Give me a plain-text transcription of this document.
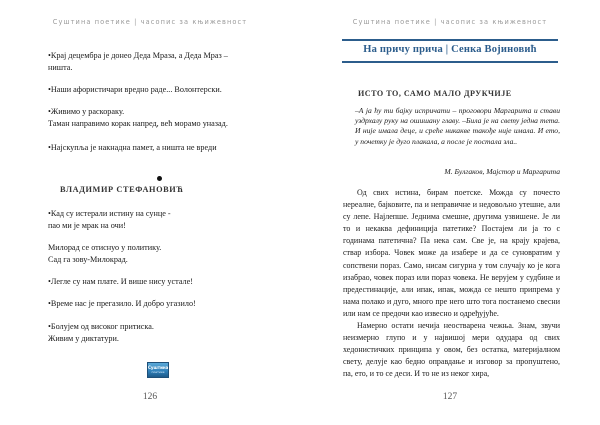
Суштина поетике | часопис за књижевност
126
•Крај децембра је донео Деда Мраза, а Деда Мраз –
ништа.
•Наши афористичари вредно раде... Волонтерски.
•Живимо у раскораку.
Таман направимо корак напред, већ морамо уназад.
•Најскупља је накнадна памет, а ништа не вреди
ВЛАДИМИР СТЕФАНОВИЋ
•Кад су истерали истину на сунце -
пао ми је мрак на очи!
Милорад се отиснуо у политику.
Сад га зову-Милокрад.
•Легле су нам плате. И више нису устале!
•Време нас је прегазило. И добро угазило!
•Болујем од високог притиска.
Живим у диктатури.
Суштина
поетике
Суштина поетике | часопис за књижевност
127
На причу прича | Сенка Војиновић
ИСТО ТО, САМО МАЛО ДРУКЧИЈЕ
–А ја ћу ти бајку испричати – проговори Маргарита и стави уздрхалу руку на ошишану главу. –Била је на свету једна тета. И није имала деце, и среће никакве такође није имала. И ето, у почетку је дуго плакала, а после је постала зла..
М. Булгаков, Мајстор и Маргарита

Од свих истина, бирам поетске. Можда су почесто нереалне, бајковите, па и неправичне и недовољно утешне, али су лепе. Најлепше. Једнима смешне, другима узвишене. Је ли то и некаква дефиниција патетике? Постајем ли ја то с годинама патетична? Па нека сам. Све је, на крају крајева, ствар избора. Човек може да изабере и да се суновратим у сопствени пораз. Само, нисам сигурна у том случају ко је кога изабрао, човек пораз или пораз човека. Не верујем у судбине и предестинације, али ипак, ипак, можда се нешто припрема у нама полако и дуго, много пре него што тога постанемо свесни или нам се предочи као извесно и одређујуће.

Намерно остати нечија неостварена чежња. Знам, звучи неизмерно глупо и у највишој мери одудара од свих хедонистичких принципа у овом, без остатка, материјалном свету, делује као бедно оправдање и изговор за пропуштено, па, ето, и то се деси. И то не из неког хира,
